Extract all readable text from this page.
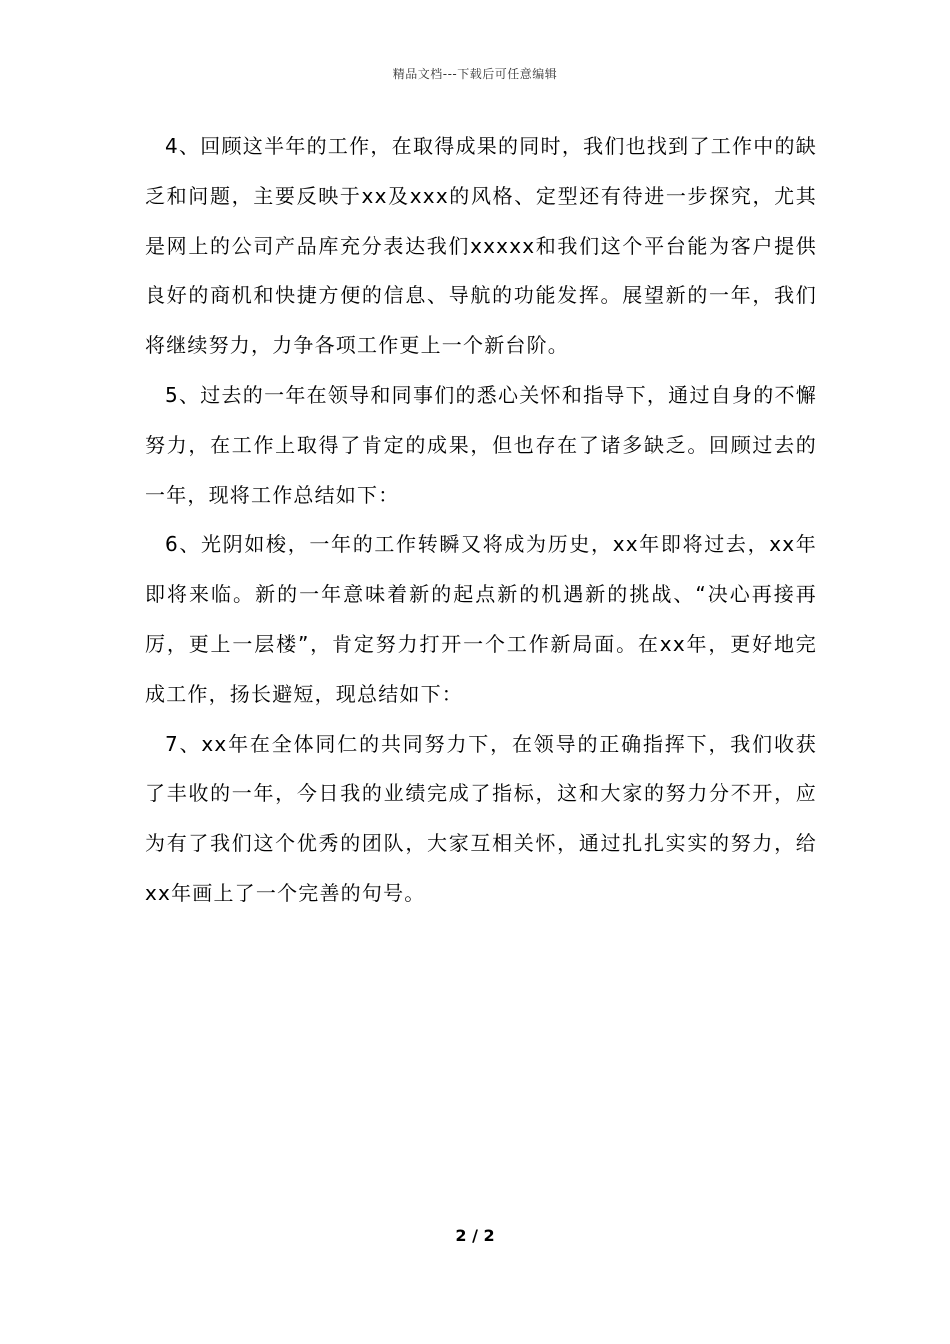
精品文档---下载后可任意编辑

4、回顾这半年的工作，在取得成果的同时，我们也找到了工作中的缺乏和问题，主要反映于xx及xxx的风格、定型还有待进一步探究，尤其是网上的公司产品库充分表达我们xxxxx和我们这个平台能为客户提供良好的商机和快捷方便的信息、导航的功能发挥。展望新的一年，我们将继续努力，力争各项工作更上一个新台阶。

5、过去的一年在领导和同事们的悉心关怀和指导下，通过自身的不懈努力，在工作上取得了肯定的成果，但也存在了诸多缺乏。回顾过去的一年，现将工作总结如下：

6、光阴如梭，一年的工作转瞬又将成为历史，xx年即将过去，xx年即将来临。新的一年意味着新的起点新的机遇新的挑战、“决心再接再厉，更上一层楼”，肯定努力打开一个工作新局面。在xx年，更好地完成工作，扬长避短，现总结如下：

7、xx年在全体同仁的共同努力下，在领导的正确指挥下，我们收获了丰收的一年，今日我的业绩完成了指标，这和大家的努力分不开，应为有了我们这个优秀的团队，大家互相关怀，通过扎扎实实的努力，给xx年画上了一个完善的句号。

2 / 2
